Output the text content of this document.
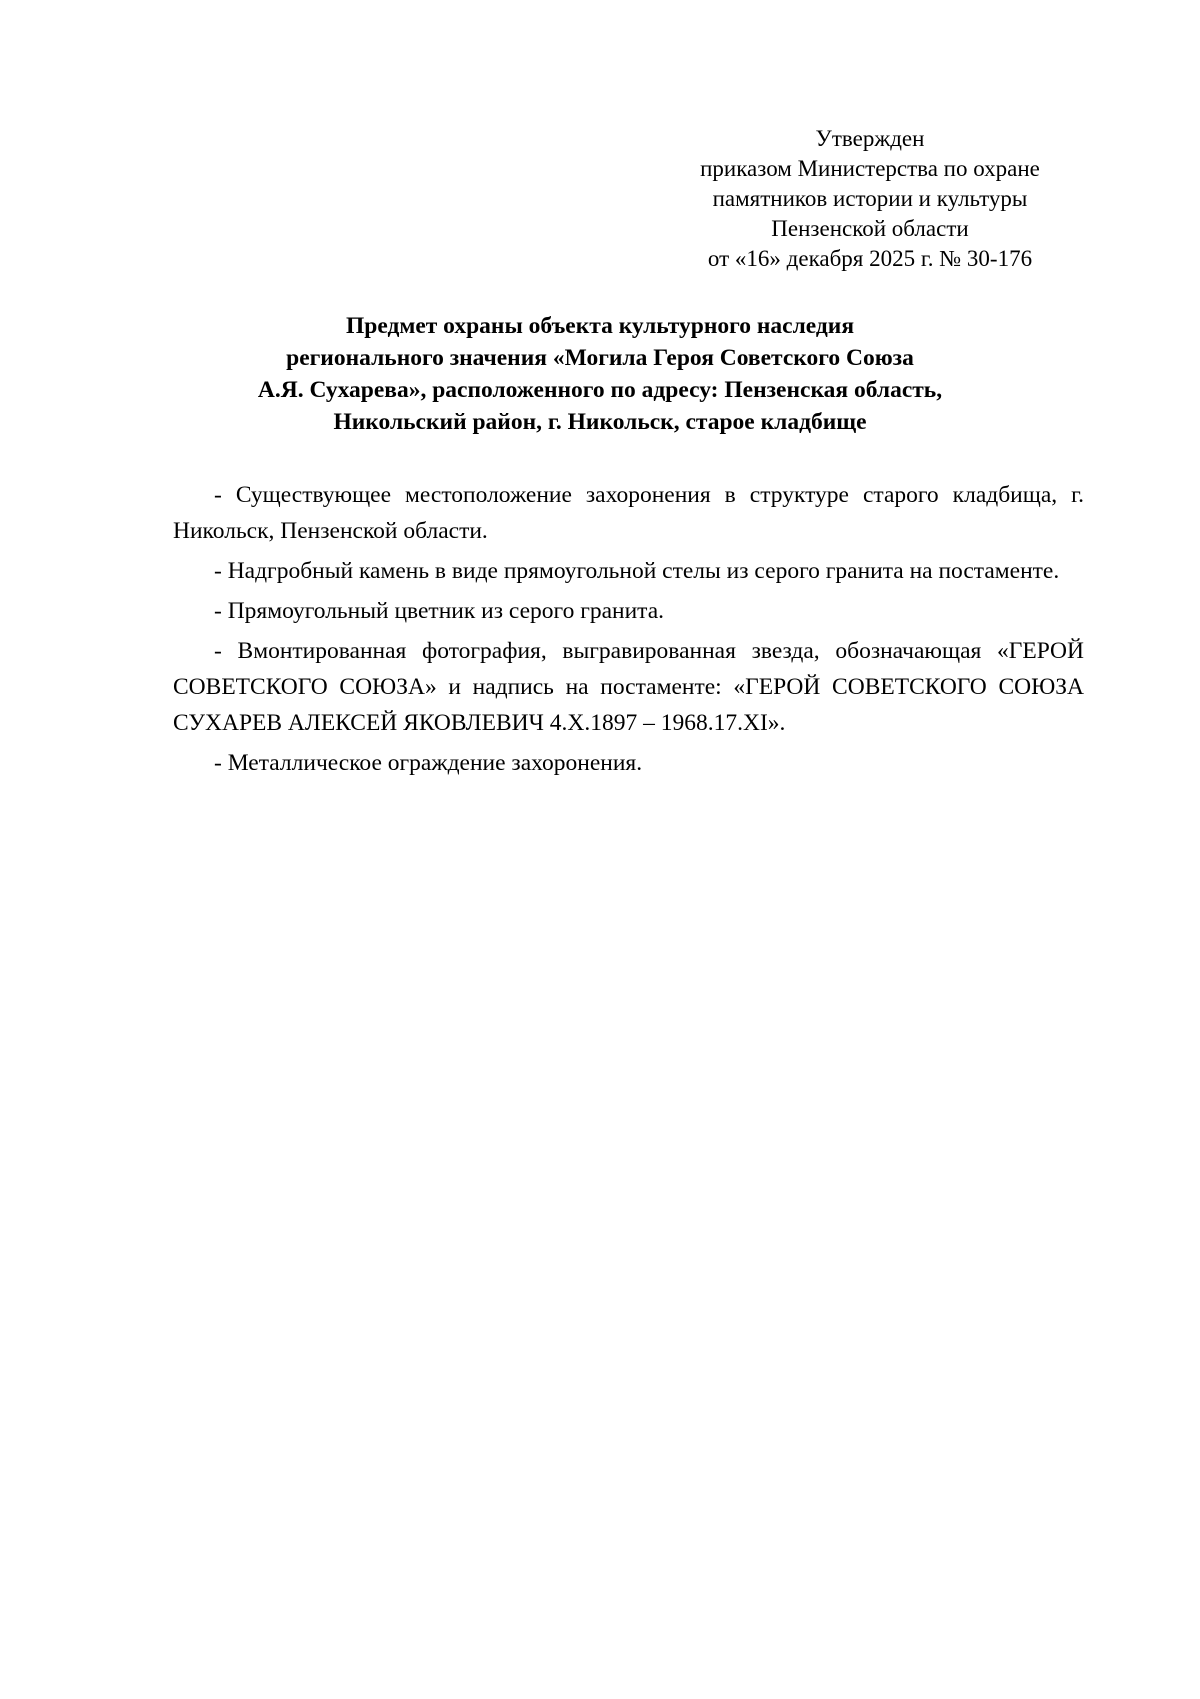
Утвержден
приказом Министерства по охране
памятников истории и культуры
Пензенской области
от «16» декабря 2025 г. № 30-176
Предмет охраны объекта культурного наследия
регионального значения «Могила Героя Советского Союза
А.Я. Сухарева», расположенного по адресу: Пензенская область,
Никольский район, г. Никольск, старое кладбище

- Существующее местоположение захоронения в структуре старого кладбища, г. Никольск, Пензенской области.

- Надгробный камень в виде прямоугольной стелы из серого гранита на постаменте.

- Прямоугольный цветник из серого гранита.

- Вмонтированная фотография, выгравированная звезда, обозначающая «ГЕРОЙ СОВЕТСКОГО СОЮЗА» и надпись на постаменте: «ГЕРОЙ СОВЕТСКОГО СОЮЗА СУХАРЕВ АЛЕКСЕЙ ЯКОВЛЕВИЧ 4.Х.1897 – 1968.17.XI».

- Металлическое ограждение захоронения.
